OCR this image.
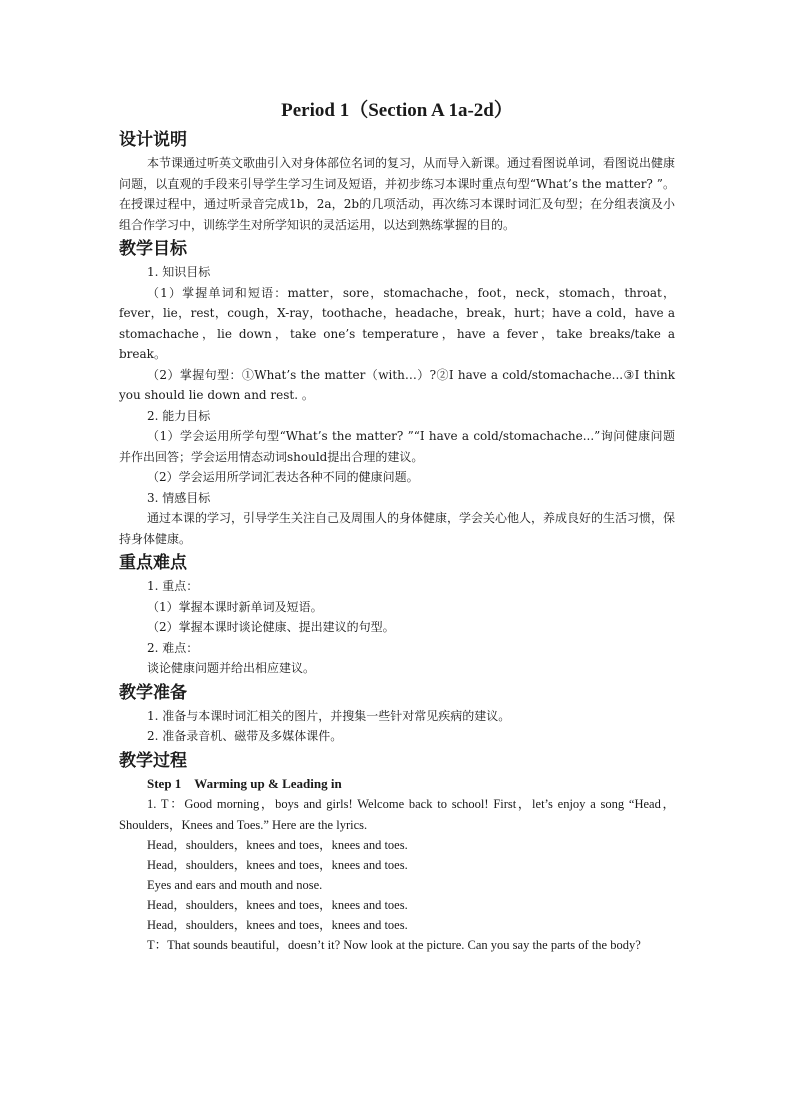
Period 1（Section A 1a-2d）
设计说明

本节课通过听英文歌曲引入对身体部位名词的复习，从而导入新课。通过看图说单词，看图说出健康问题，以直观的手段来引导学生学习生词及短语，并初步练习本课时重点句型“What’s the matter? ”。在授课过程中，通过听录音完成1b，2a，2b的几项活动，再次练习本课时词汇及句型；在分组表演及小组合作学习中，训练学生对所学知识的灵活运用，以达到熟练掌握的目的。

教学目标

1. 知识目标

（1）掌握单词和短语：matter，sore，stomachache，foot，neck，stomach，throat，fever，lie，rest，cough，X-ray，toothache，headache，break，hurt；have a cold，have a stomachache，lie down，take one’s temperature，have a fever，take breaks/take a break。

（2）掌握句型：①What’s the matter（with…）?②I have a cold/stomachache...③I think you should lie down and rest. 。

2. 能力目标

（1）学会运用所学句型“What’s the matter? ”“I have a cold/stomachache...”询问健康问题并作出回答；学会运用情态动词should提出合理的建议。

（2）学会运用所学词汇表达各种不同的健康问题。

3. 情感目标

通过本课的学习，引导学生关注自己及周围人的身体健康，学会关心他人，养成良好的生活习惯，保持身体健康。

重点难点

1. 重点：

（1）掌握本课时新单词及短语。

（2）掌握本课时谈论健康、提出建议的句型。

2. 难点：

谈论健康问题并给出相应建议。

教学准备

1. 准备与本课时词汇相关的图片，并搜集一些针对常见疾病的建议。

2. 准备录音机、磁带及多媒体课件。

教学过程

Step 1　Warming up & Leading in

1. T：Good morning，boys and girls! Welcome back to school! First，let’s enjoy a song “Head，Shoulders，Knees and Toes.” Here are the lyrics.

Head，shoulders，knees and toes，knees and toes.

Head，shoulders，knees and toes，knees and toes.

Eyes and ears and mouth and nose.

Head，shoulders，knees and toes，knees and toes.

Head，shoulders，knees and toes，knees and toes.

T：That sounds beautiful，doesn’t it? Now look at the picture. Can you say the parts of the body?
